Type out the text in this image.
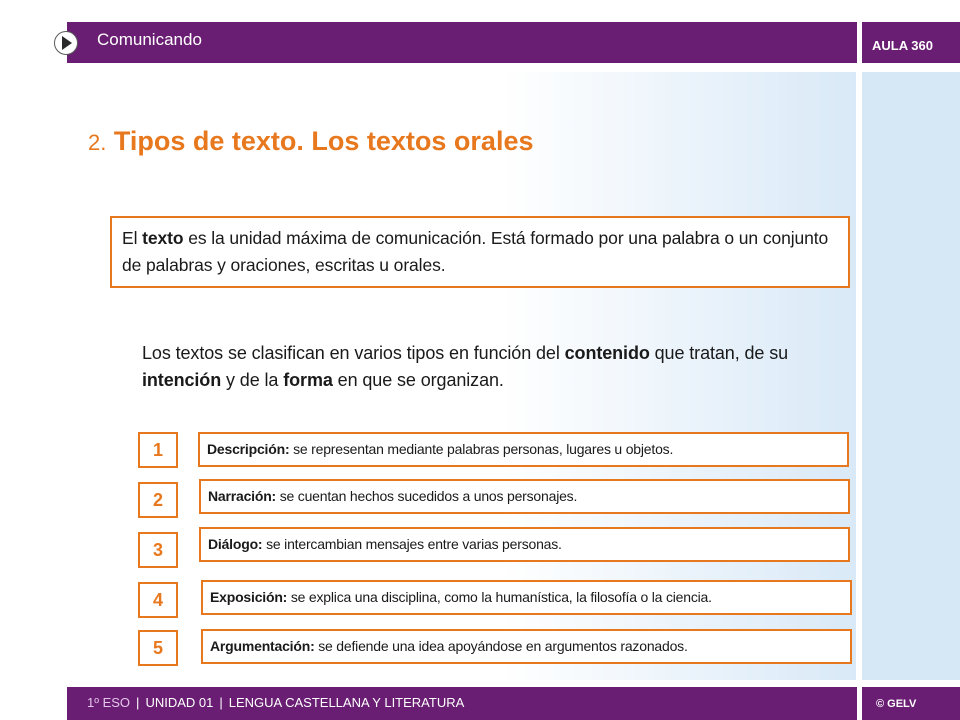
Comunicando	AULA 360
2. Tipos de texto. Los textos orales
El texto es la unidad máxima de comunicación. Está formado por una palabra o un conjunto de palabras y oraciones, escritas u orales.
Los textos se clasifican en varios tipos en función del contenido que tratan, de su intención y de la forma en que se organizan.
1	Descripción: se representan mediante palabras personas, lugares u objetos.
2	Narración: se cuentan hechos sucedidos a unos personajes.
3	Diálogo: se intercambian mensajes entre varias personas.
4	Exposición: se explica una disciplina, como la humanística, la filosofía o la ciencia.
5	Argumentación: se defiende una idea apoyándose en argumentos razonados.
1º ESO | UNIDAD 01 | LENGUA CASTELLANA Y LITERATURA	© GELV
